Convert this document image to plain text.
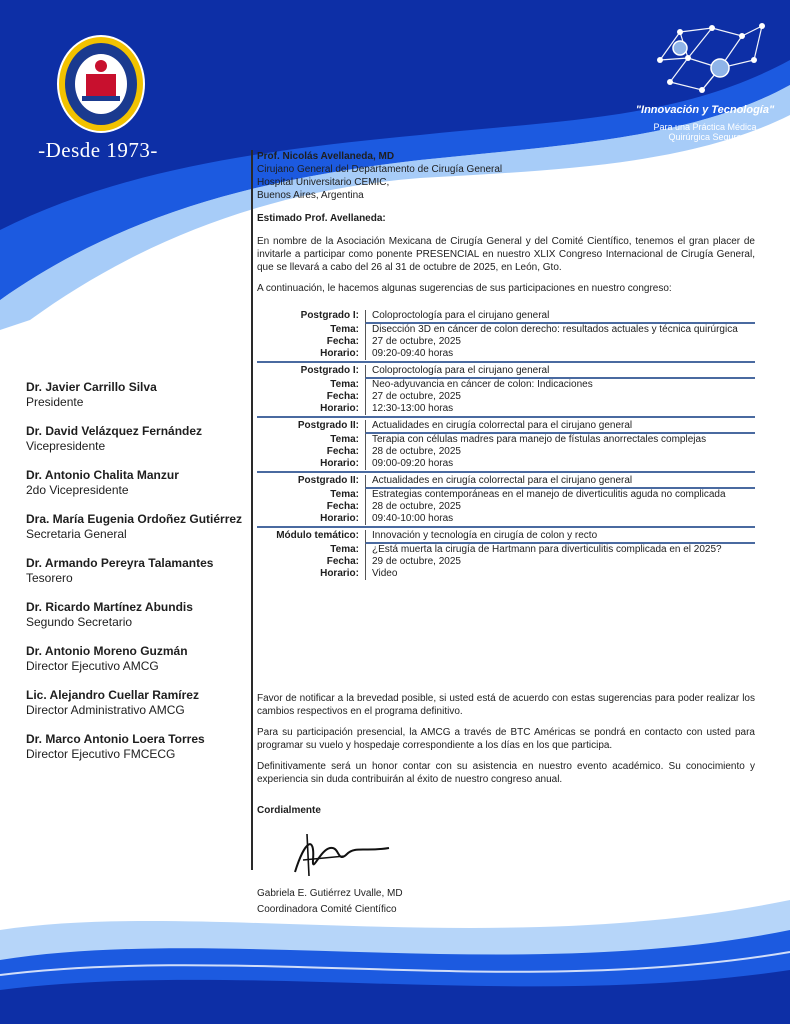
-Desde 1973-
"Innovación y Tecnología"
Para una Práctica Médica
Quirúrgica Segura
Dr. Javier Carrillo Silva
Presidente
Dr. David Velázquez Fernández
Vicepresidente
Dr. Antonio Chalita Manzur
2do Vicepresidente
Dra. María Eugenia Ordoñez Gutiérrez
Secretaria General
Dr. Armando Pereyra Talamantes
Tesorero
Dr. Ricardo Martínez Abundis
Segundo Secretario
Dr. Antonio Moreno Guzmán
Director Ejecutivo AMCG
Lic. Alejandro Cuellar Ramírez
Director Administrativo AMCG
Dr. Marco Antonio Loera Torres
Director Ejecutivo FMCECG

Prof. Nicolás Avellaneda, MD

Cirujano General del Departamento de Cirugía General

Hospital Universitario CEMIC,

Buenos Aires, Argentina

Estimado Prof. Avellaneda:

En nombre de la Asociación Mexicana de Cirugía General y del Comité Científico, tenemos el gran placer de invitarle a participar como ponente PRESENCIAL en nuestro XLIX Congreso Internacional de Cirugía General, que se llevará a cabo del 26 al 31 de octubre de 2025, en León, Gto.

A continuación, le hacemos algunas sugerencias de sus participaciones en nuestro congreso:

Postgrado I:	Coloproctología para el cirujano general
Tema:	Disección 3D en cáncer de colon derecho: resultados actuales y técnica quirúrgica
Fecha:	27 de octubre, 2025
Horario:	09:20-09:40 horas
Postgrado I:	Coloproctología para el cirujano general
Tema:	Neo-adyuvancia en cáncer de colon: Indicaciones
Fecha:	27 de octubre, 2025
Horario:	12:30-13:00 horas
Postgrado II:	Actualidades en cirugía colorrectal para el cirujano general
Tema:	Terapia con células madres para manejo de fístulas anorrectales complejas
Fecha:	28 de octubre, 2025
Horario:	09:00-09:20 horas
Postgrado II:	Actualidades en cirugía colorrectal para el cirujano general
Tema:	Estrategias contemporáneas en el manejo de diverticulitis aguda no complicada
Fecha:	28 de octubre, 2025
Horario:	09:40-10:00 horas
Módulo temático:	Innovación y tecnología en cirugía de colon y recto
Tema:	¿Está muerta la cirugía de Hartmann para diverticulitis complicada en el 2025?
Fecha:	29 de octubre, 2025
Horario:	Video

Favor de notificar a la brevedad posible, si usted está de acuerdo con estas sugerencias para poder realizar los cambios respectivos en el programa definitivo.

Para su participación presencial, la AMCG a través de BTC Américas se pondrá en contacto con usted para programar su vuelo y hospedaje correspondiente a los días en los que participa.

Definitivamente será un honor contar con su asistencia en nuestro evento académico. Su conocimiento y experiencia sin duda contribuirán al éxito de nuestro congreso anual.

Cordialmente
Gabriela E. Gutiérrez Uvalle, MD
Coordinadora Comité Científico
